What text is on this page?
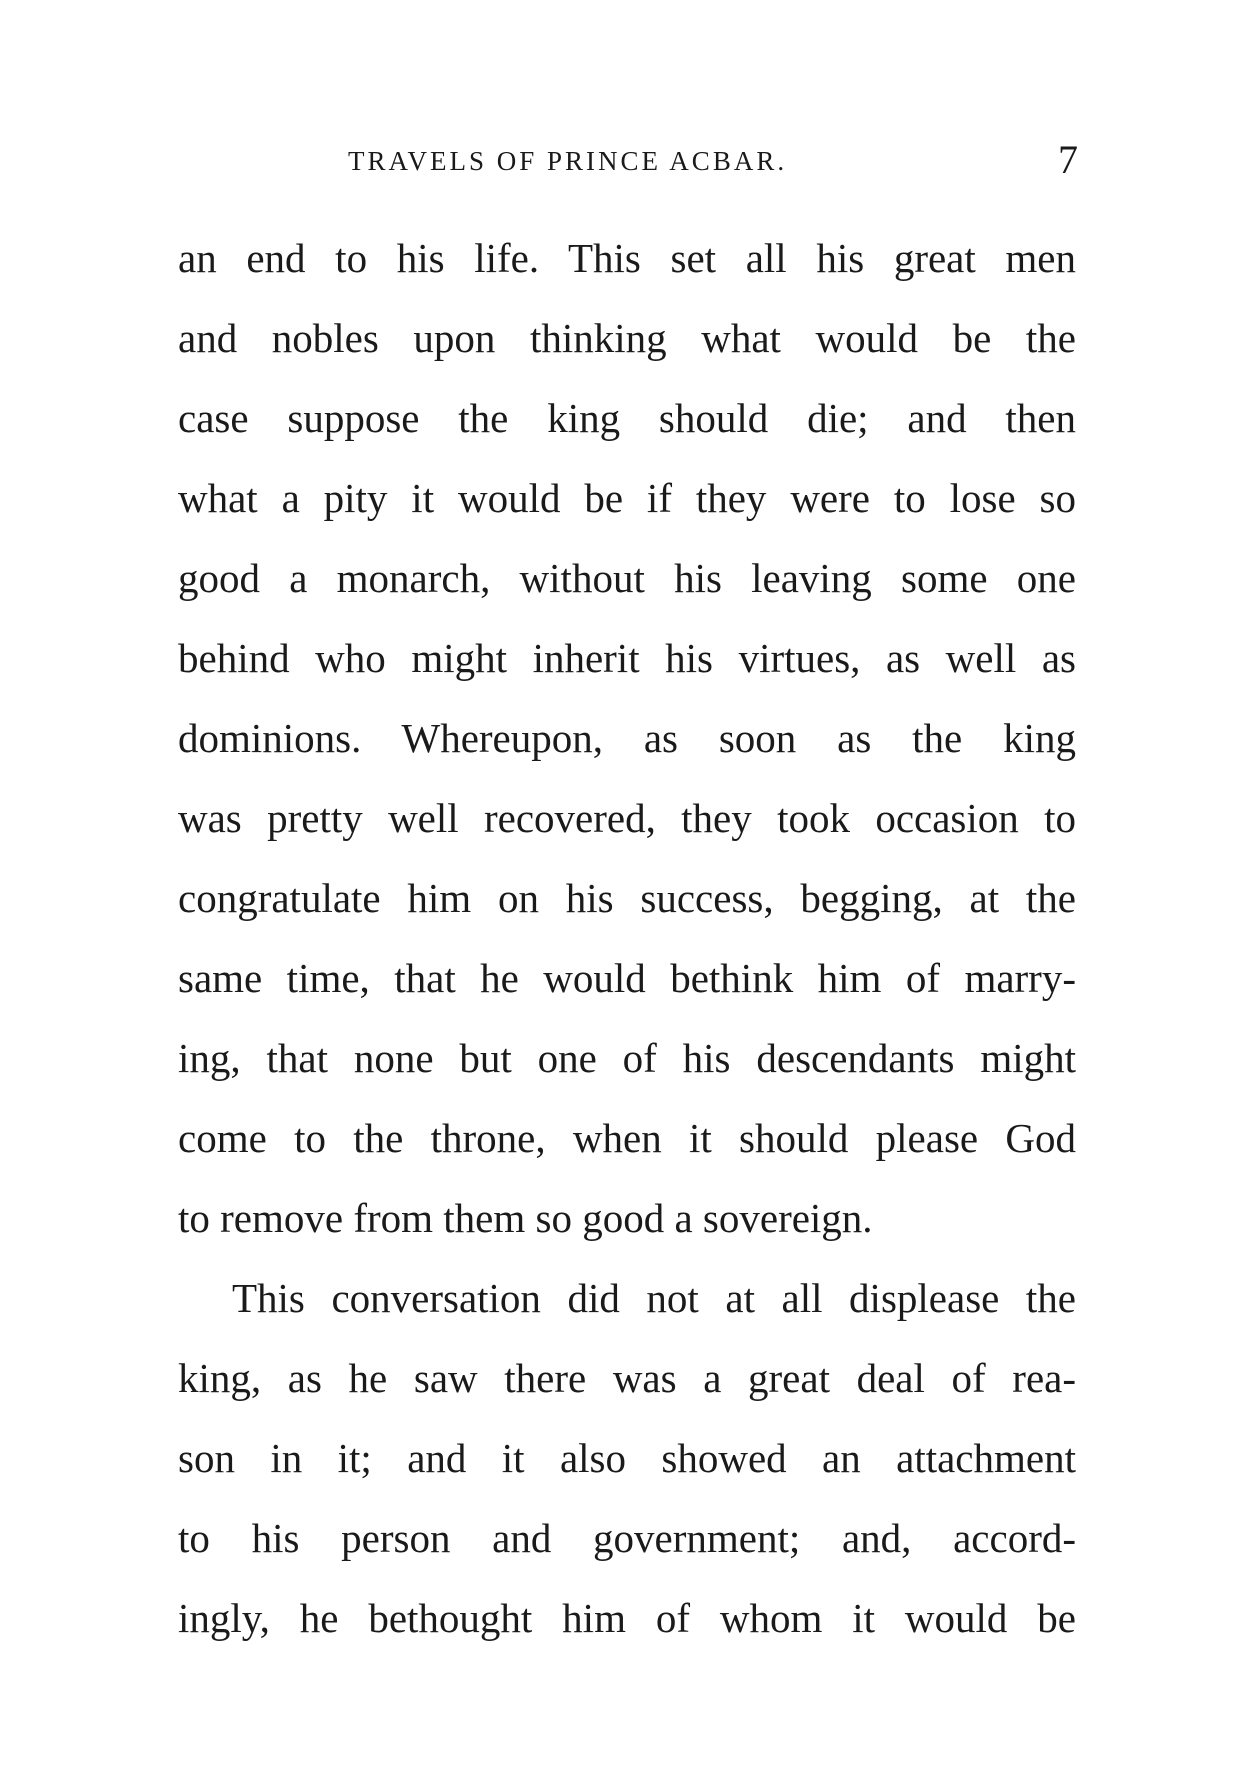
TRAVELS OF PRINCE ACBAR.	7
an end to his life. This set all his great men
and nobles upon thinking what would be the
case suppose the king should die; and then
what a pity it would be if they were to lose so
good a monarch, without his leaving some one
behind who might inherit his virtues, as well as
dominions. Whereupon, as soon as the king
was pretty well recovered, they took occasion to
congratulate him on his success, begging, at the
same time, that he would bethink him of marry-
ing, that none but one of his descendants might
come to the throne, when it should please God
to remove from them so good a sovereign.
This conversation did not at all displease the
king, as he saw there was a great deal of rea-
son in it; and it also showed an attachment
to his person and government; and, accord-
ingly, he bethought him of whom it would be
